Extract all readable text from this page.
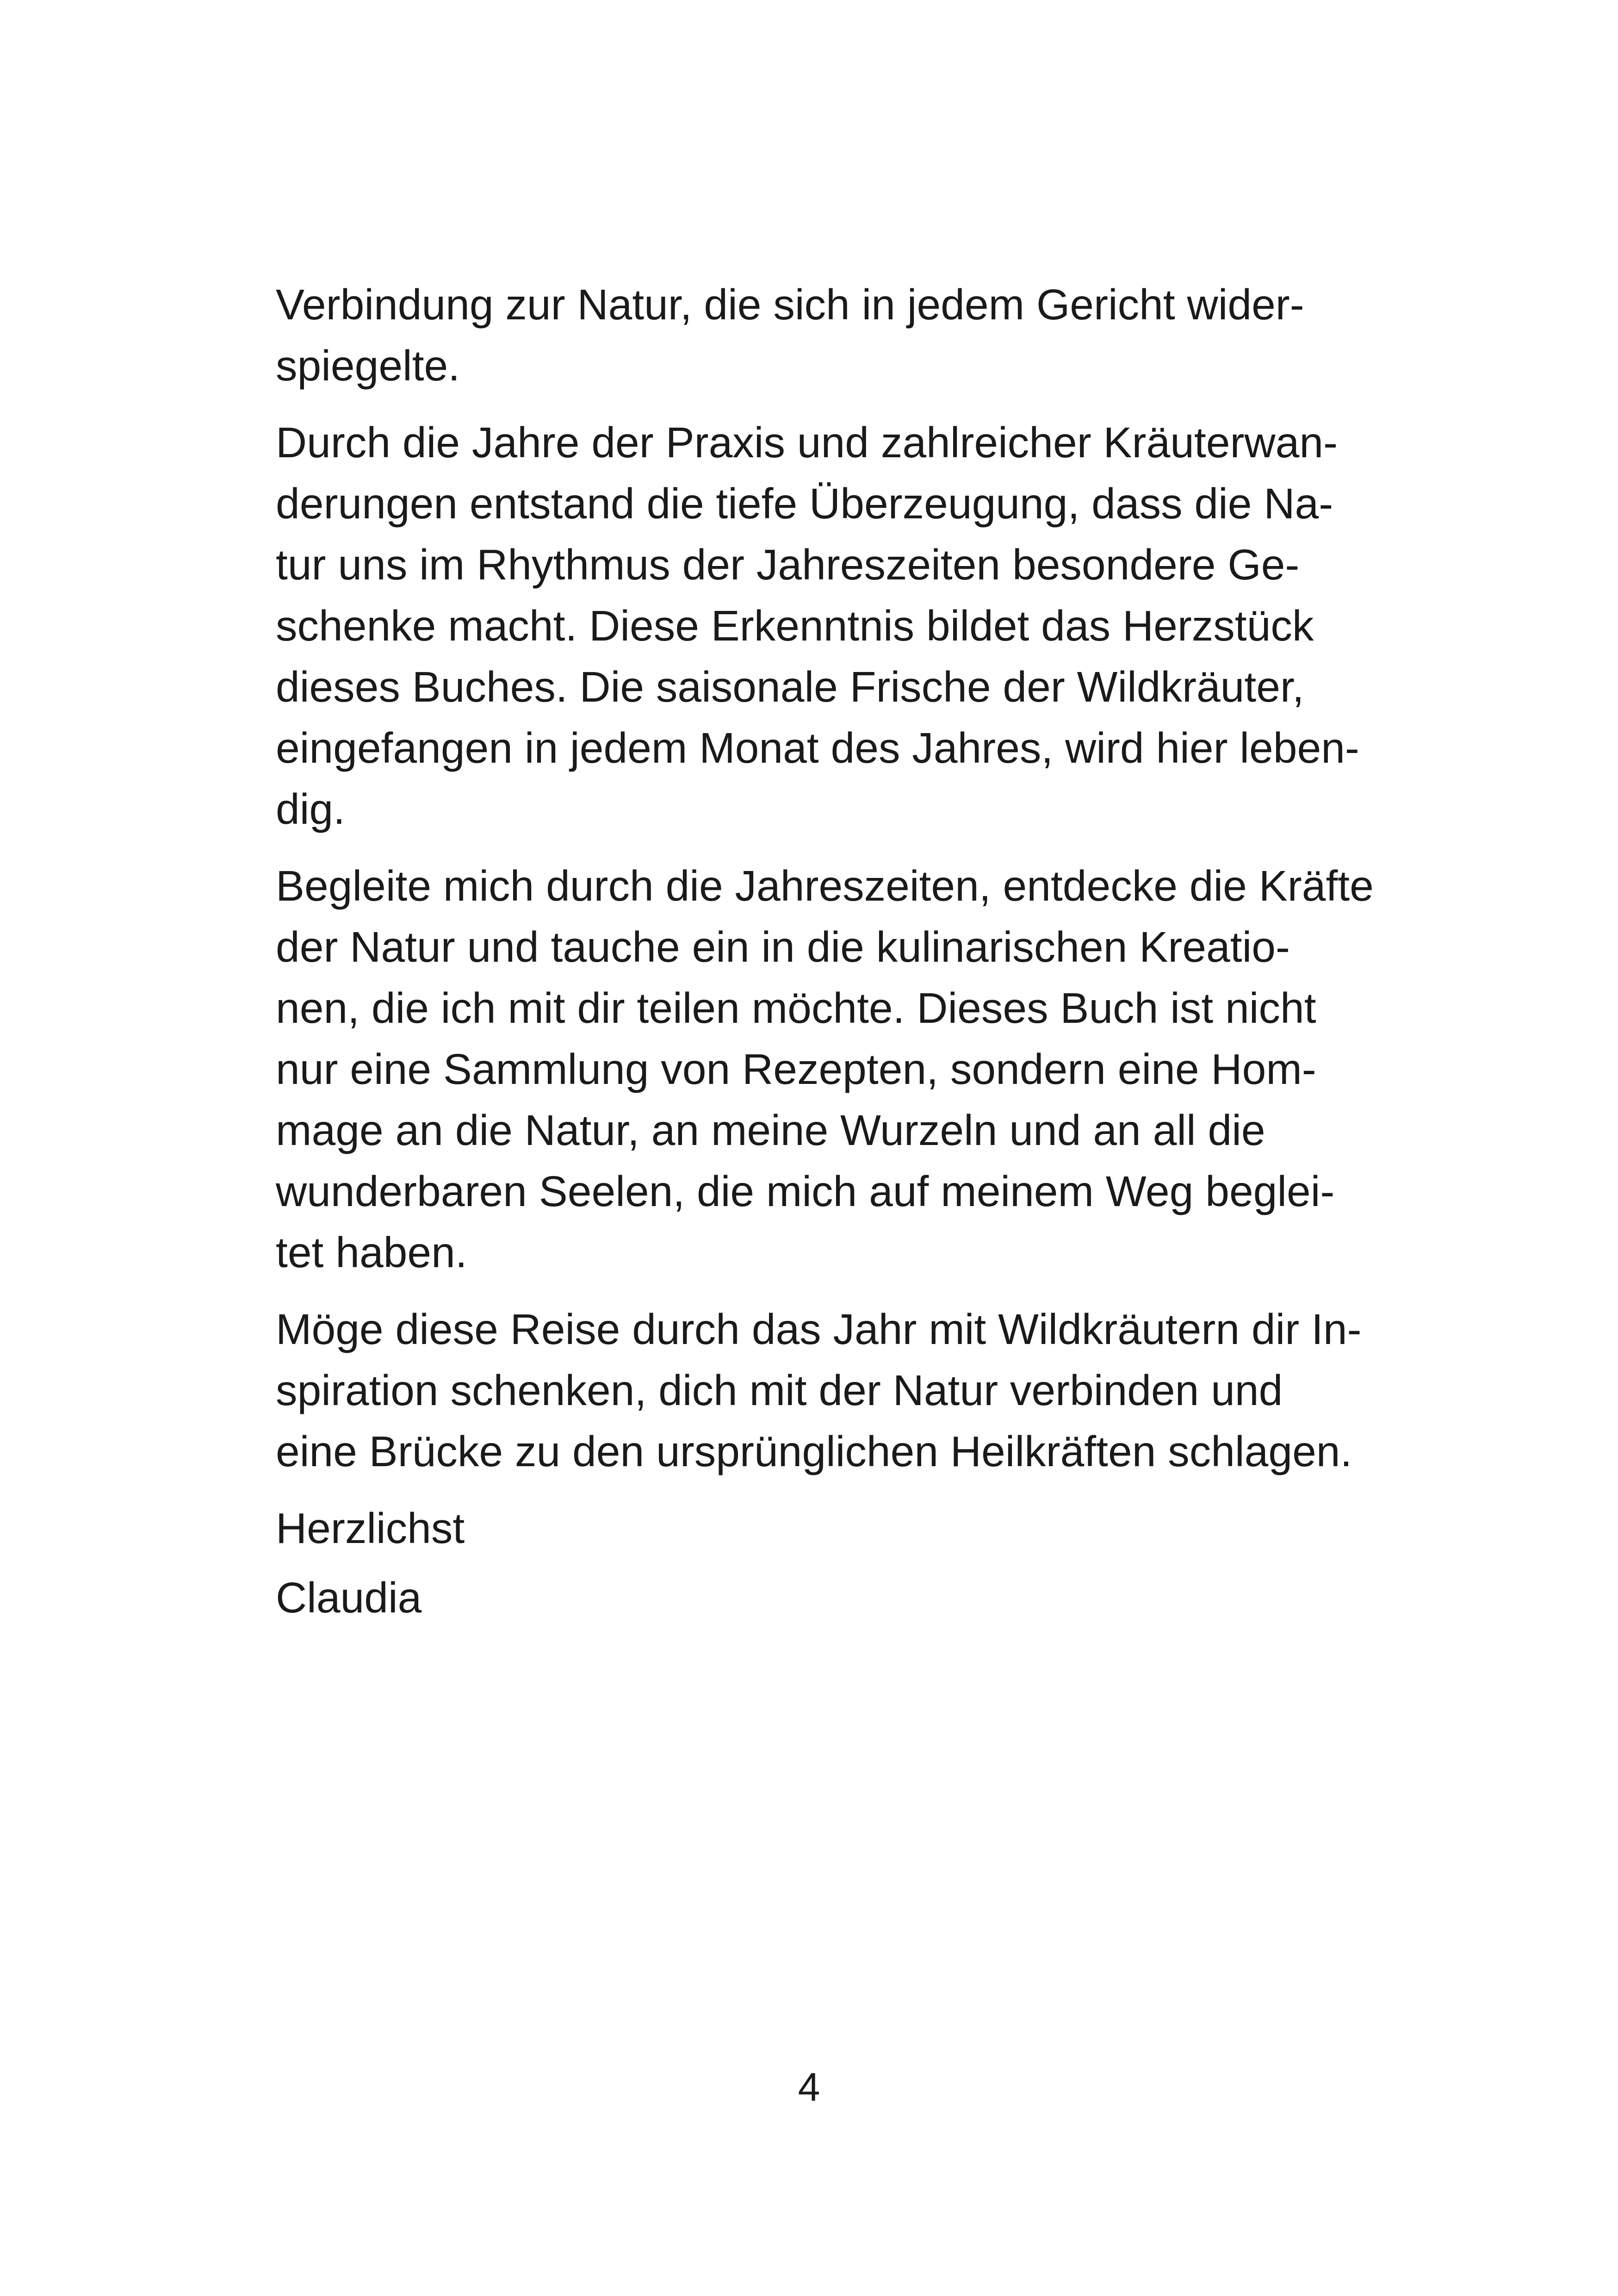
Verbindung zur Natur, die sich in jedem Gericht wider-
spiegelte.
Durch die Jahre der Praxis und zahlreicher Kräuterwan-
derungen entstand die tiefe Überzeugung, dass die Na-
tur uns im Rhythmus der Jahreszeiten besondere Ge-
schenke macht. Diese Erkenntnis bildet das Herzstück
dieses Buches. Die saisonale Frische der Wildkräuter,
eingefangen in jedem Monat des Jahres, wird hier leben-
dig.
Begleite mich durch die Jahreszeiten, entdecke die Kräfte
der Natur und tauche ein in die kulinarischen Kreatio-
nen, die ich mit dir teilen möchte. Dieses Buch ist nicht
nur eine Sammlung von Rezepten, sondern eine Hom-
mage an die Natur, an meine Wurzeln und an all die
wunderbaren Seelen, die mich auf meinem Weg beglei-
tet haben.
Möge diese Reise durch das Jahr mit Wildkräutern dir In-
spiration schenken, dich mit der Natur verbinden und
eine Brücke zu den ursprünglichen Heilkräften schlagen.
Herzlichst
Claudia
4
